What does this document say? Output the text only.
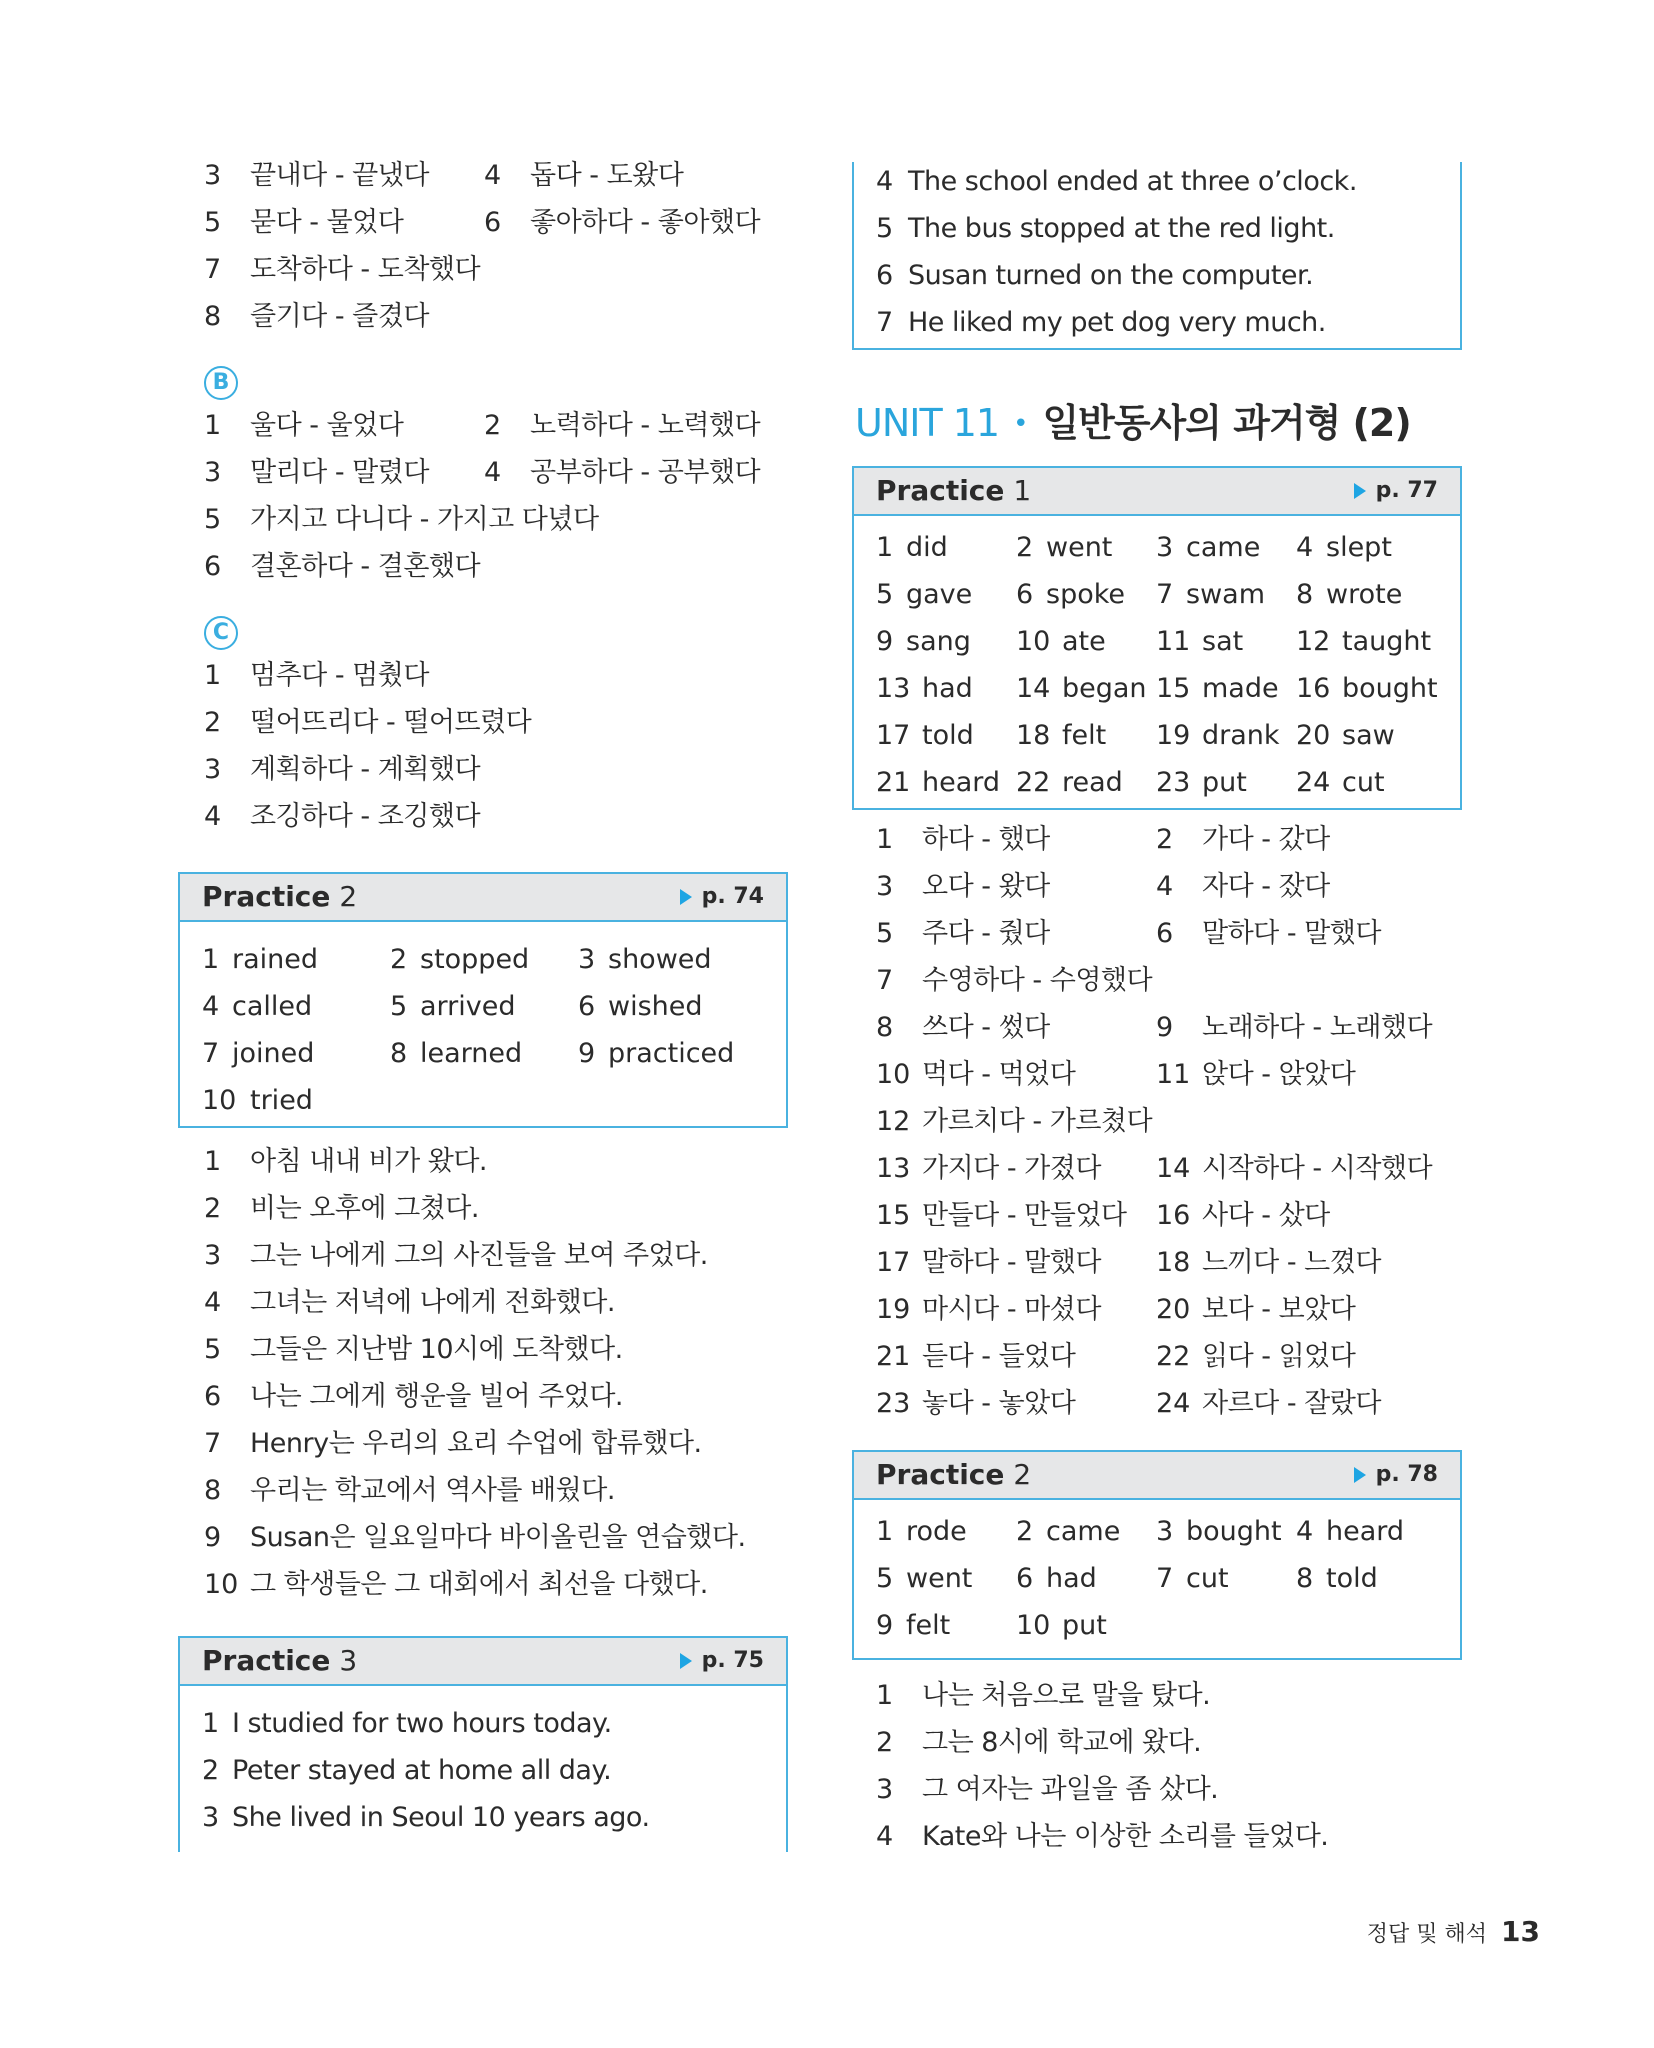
3 끝내다 - 끝냈다 4 돕다 - 도왔다
5 묻다 - 물었다	6 좋아하다 - 좋아했다
7 도착하다 - 도착했다
8 즐기다 - 즐겼다
B
1 울다 - 울었다	2 노력하다 - 노력했다
3 말리다 - 말렸다 4 공부하다 - 공부했다
5 가지고 다니다 - 가지고 다녔다
6 결혼하다 - 결혼했다
C
1 멈추다 - 멈췄다
2 떨어뜨리다 - 떨어뜨렸다
3 계획하다 - 계획했다
4 조깅하다 - 조깅했다
Practice 2	p. 74
1 rained	2 stopped 3 showed
4 called	5 arrived 6 wished
7 joined	8 learned 9 practiced
10 tried
1 아침 내내 비가 왔다.
2 비는 오후에 그쳤다.
3 그는 나에게 그의 사진들을 보여 주었다.
4 그녀는 저녁에 나에게 전화했다.
5 그들은 지난밤 10시에 도착했다.
6 나는 그에게 행운을 빌어 주었다.
7 Henry는 우리의 요리 수업에 합류했다.
8 우리는 학교에서 역사를 배웠다.
9 Susan은 일요일마다 바이올린을 연습했다.
10 그 학생들은 그 대회에서 최선을 다했다.
Practice 3	p. 75
1 I studied for two hours today.
2 Peter stayed at home all day.
3 She lived in Seoul 10 years ago.
4 The school ended at three o’clock.
5 The bus stopped at the red light.
6 Susan turned on the computer.
7 He liked my pet dog very much.
UNIT 11 • 일반동사의 과거형 (2)
Practice 1	p. 77
1 did	2 went 3 came 4 slept
5 gave 6 spoke 7 swam 8 wrote
9 sang 10 ate 11 sat 12 taught
13 had 14 began 15 made 16 bought
17 told 18 felt 19 drank 20 saw
21 heard 22 read 23 put 24 cut
1 하다 - 했다	2 가다 - 갔다
3 오다 - 왔다	4 자다 - 잤다
5 주다 - 줬다	6 말하다 - 말했다
7 수영하다 - 수영했다
8 쓰다 - 썼다	9 노래하다 - 노래했다
10 먹다 - 먹었다	11 앉다 - 앉았다
12 가르치다 - 가르쳤다
13 가지다 - 가졌다 14 시작하다 - 시작했다
15 만들다 - 만들었다 16 사다 - 샀다
17 말하다 - 말했다 18 느끼다 - 느꼈다
19 마시다 - 마셨다 20 보다 - 보았다
21 듣다 - 들었다	22 읽다 - 읽었다
23 놓다 - 놓았다	24 자르다 - 잘랐다
Practice 2	p. 78
1 rode 2 came 3 bought 4 heard
5 went 6 had 7 cut 8 told
9 felt 10 put
1 나는 처음으로 말을 탔다.
2 그는 8시에 학교에 왔다.
3 그 여자는 과일을 좀 샀다.
4 Kate와 나는 이상한 소리를 들었다.
정답 및 해석 13
